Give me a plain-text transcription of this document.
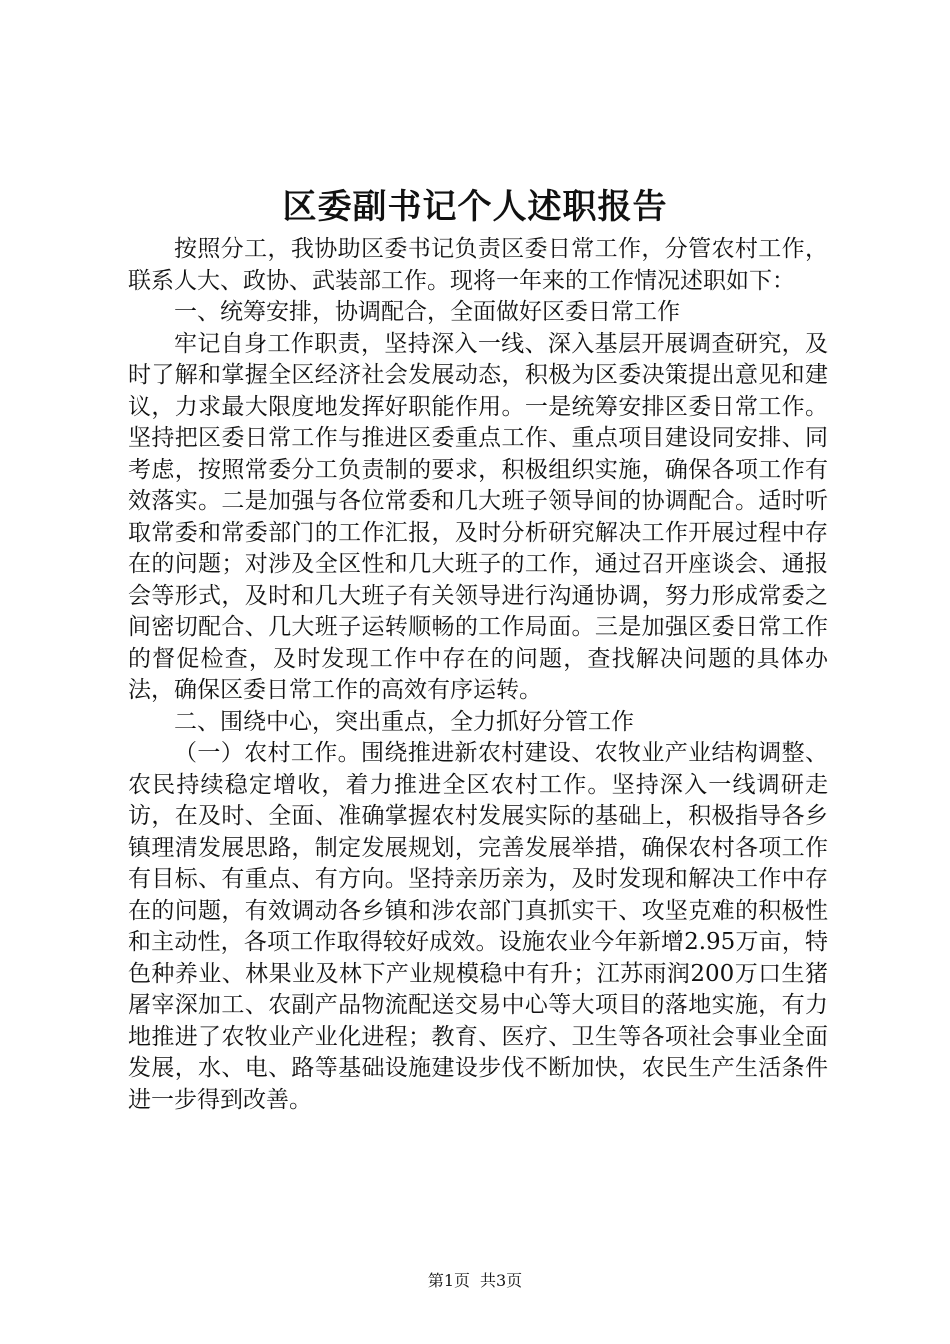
区委副书记个人述职报告

按照分工，我协助区委书记负责区委日常工作，分管农村工作，联系人大、政协、武装部工作。现将一年来的工作情况述职如下：

一、统筹安排，协调配合，全面做好区委日常工作

牢记自身工作职责，坚持深入一线、深入基层开展调查研究，及时了解和掌握全区经济社会发展动态，积极为区委决策提出意见和建议，力求最大限度地发挥好职能作用。一是统筹安排区委日常工作。坚持把区委日常工作与推进区委重点工作、重点项目建设同安排、同考虑，按照常委分工负责制的要求，积极组织实施，确保各项工作有效落实。二是加强与各位常委和几大班子领导间的协调配合。适时听取常委和常委部门的工作汇报，及时分析研究解决工作开展过程中存在的问题；对涉及全区性和几大班子的工作，通过召开座谈会、通报会等形式，及时和几大班子有关领导进行沟通协调，努力形成常委之间密切配合、几大班子运转顺畅的工作局面。三是加强区委日常工作的督促检查，及时发现工作中存在的问题，查找解决问题的具体办法，确保区委日常工作的高效有序运转。

二、围绕中心，突出重点，全力抓好分管工作

（一）农村工作。围绕推进新农村建设、农牧业产业结构调整、农民持续稳定增收，着力推进全区农村工作。坚持深入一线调研走访，在及时、全面、准确掌握农村发展实际的基础上，积极指导各乡镇理清发展思路，制定发展规划，完善发展举措，确保农村各项工作有目标、有重点、有方向。坚持亲历亲为，及时发现和解决工作中存在的问题，有效调动各乡镇和涉农部门真抓实干、攻坚克难的积极性和主动性，各项工作取得较好成效。设施农业今年新增2.95万亩，特色种养业、林果业及林下产业规模稳中有升；江苏雨润200万口生猪屠宰深加工、农副产品物流配送交易中心等大项目的落地实施，有力地推进了农牧业产业化进程；教育、医疗、卫生等各项社会事业全面发展，水、电、路等基础设施建设步伐不断加快，农民生产生活条件进一步得到改善。

第1页 共3页
